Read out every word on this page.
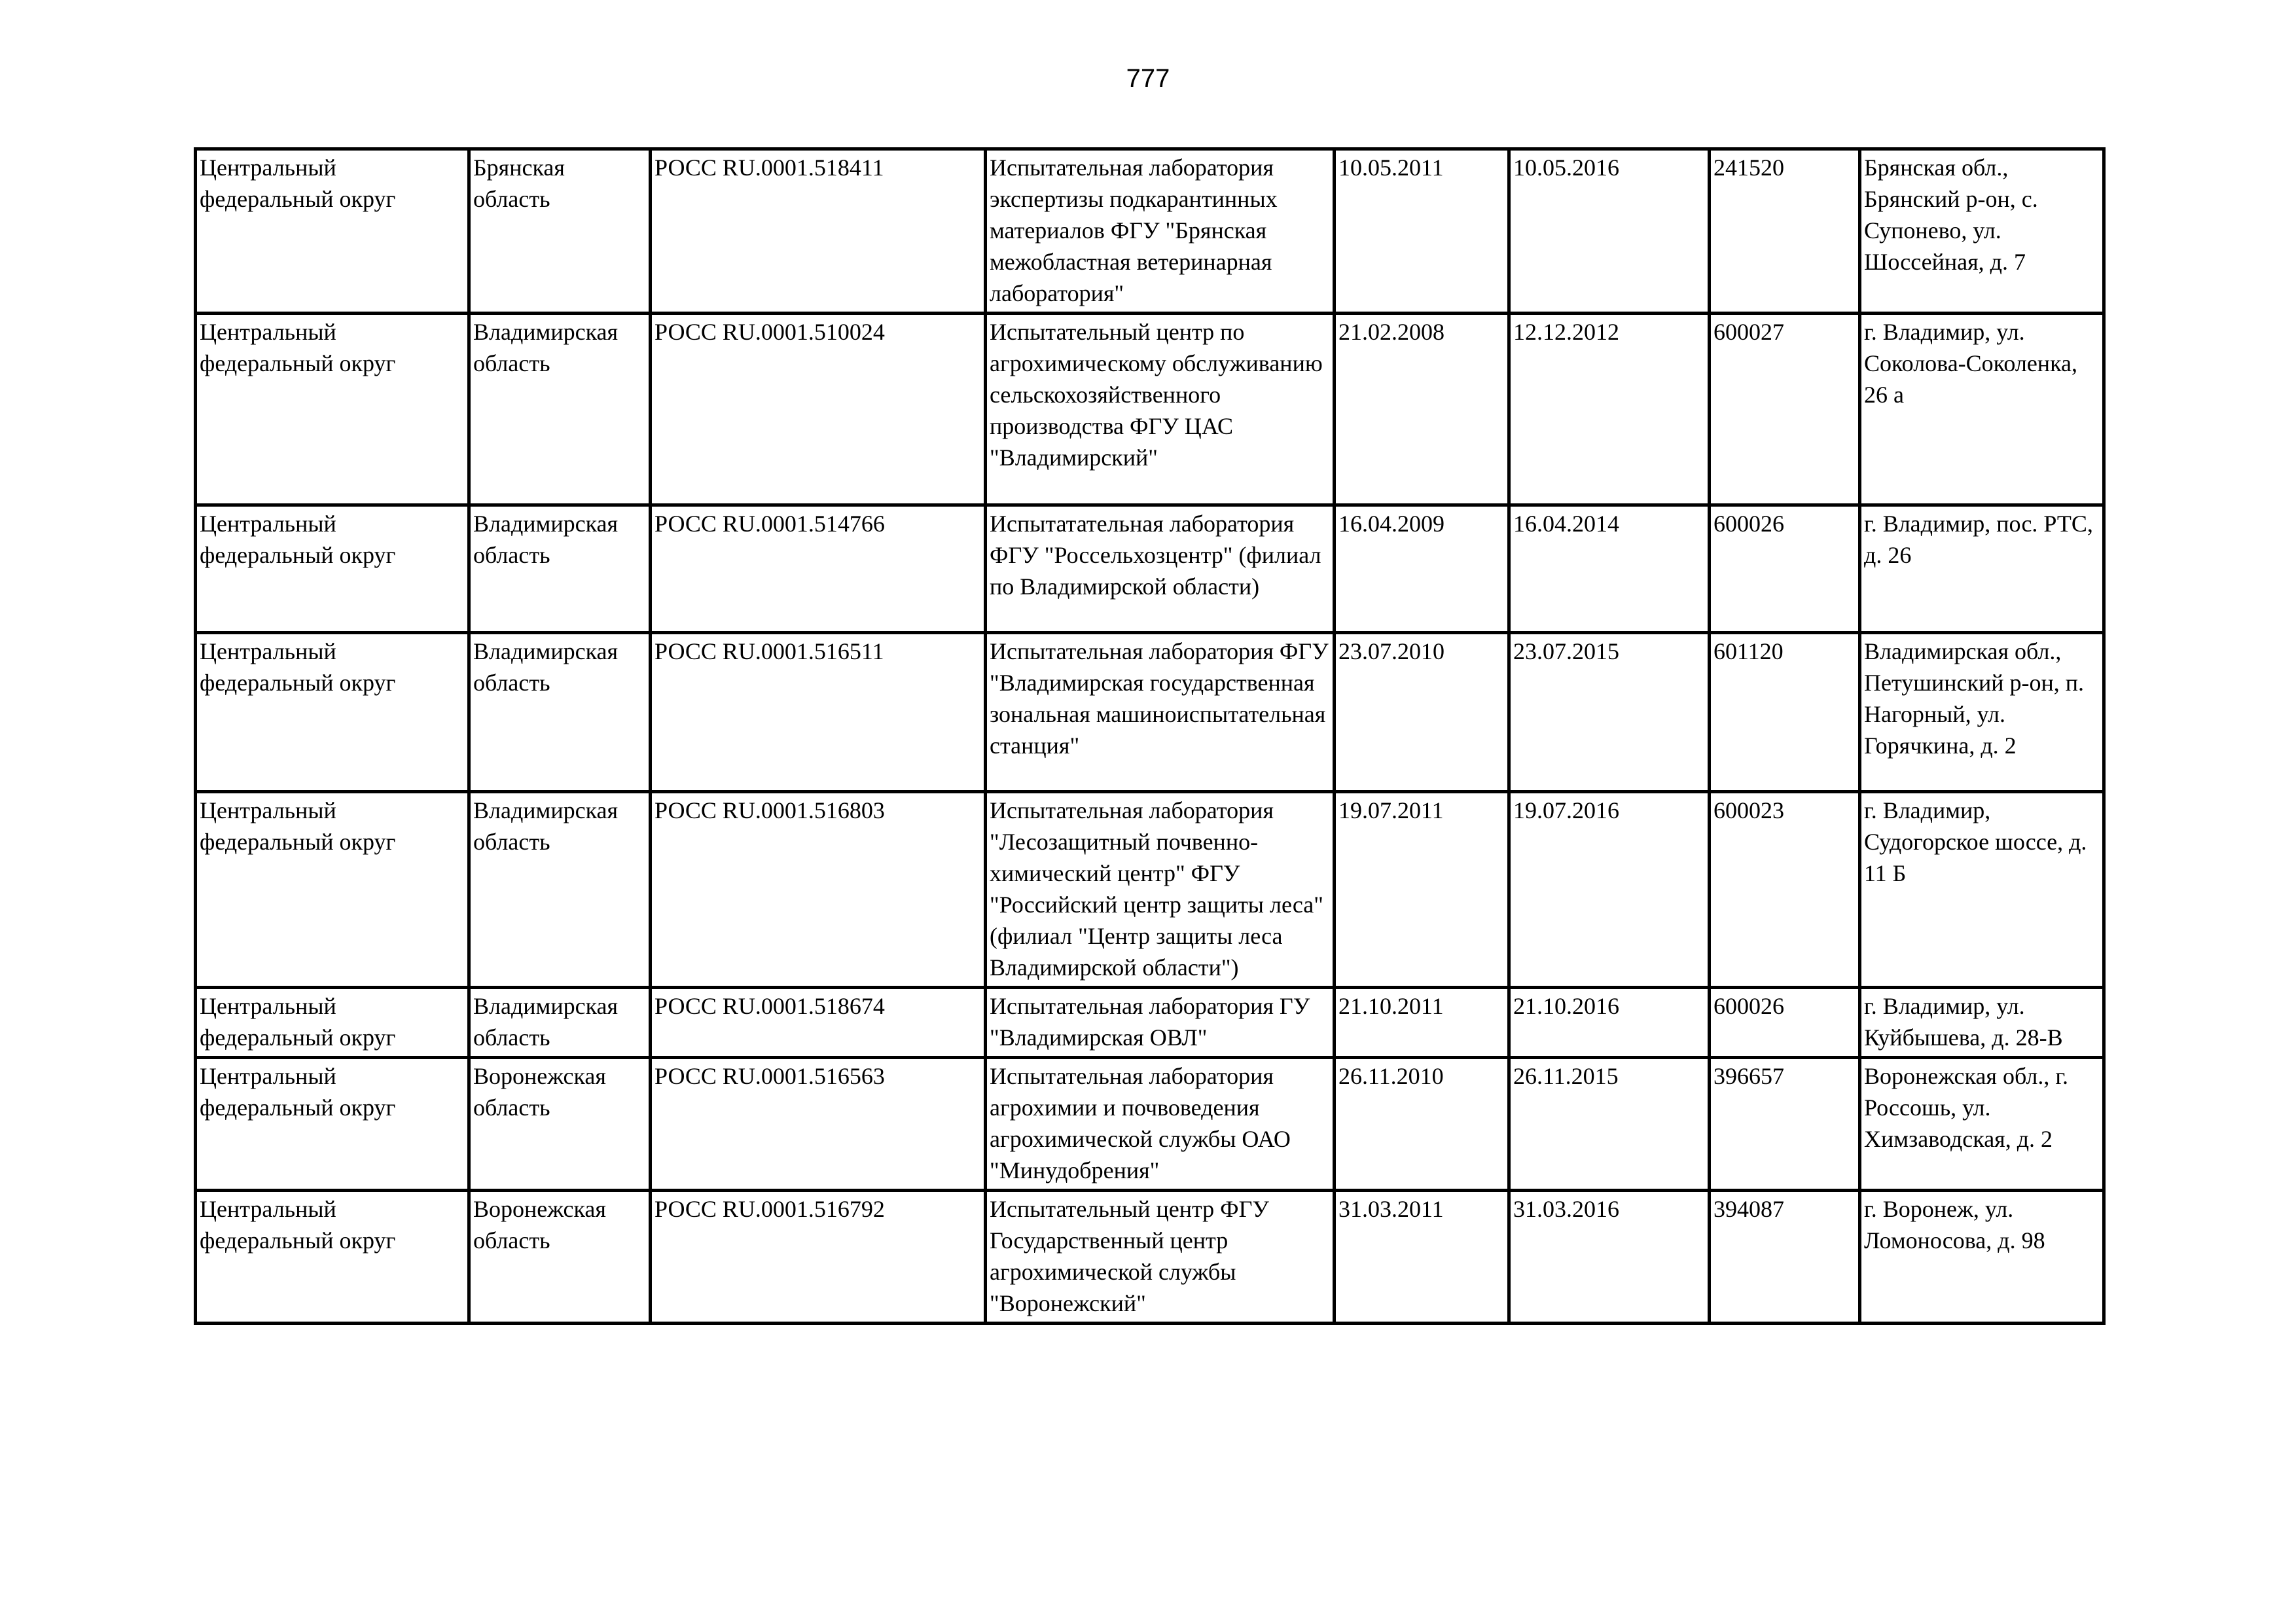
777
Центральный федеральный округ	Брянская область	РОСС RU.0001.518411	Испытательная лаборатория экспертизы подкарантинных материалов ФГУ "Брянская межобластная ветеринарная лаборатория"	10.05.2011	10.05.2016	241520	Брянская обл., Брянский р-он, с. Супонево, ул. Шоссейная, д. 7
Центральный федеральный округ	Владимирская область	РОСС RU.0001.510024	Испытательный центр по агрохимическому обслуживанию сельскохозяйственного производства ФГУ ЦАС "Владимирский"	21.02.2008	12.12.2012	600027	г. Владимир, ул. Соколова-Соколенка, 26 а
Центральный федеральный округ	Владимирская область	РОСС RU.0001.514766	Испытатательная лаборатория ФГУ "Россельхозцентр" (филиал по Владимирской области)	16.04.2009	16.04.2014	600026	г. Владимир, пос. РТС, д. 26
Центральный федеральный округ	Владимирская область	РОСС RU.0001.516511	Испытательная лаборатория ФГУ "Владимирская государственная зональная машиноиспытательная станция"	23.07.2010	23.07.2015	601120	Владимирская обл., Петушинский р-он, п. Нагорный, ул. Горячкина, д. 2
Центральный федеральный округ	Владимирская область	РОСС RU.0001.516803	Испытательная лаборатория "Лесозащитный почвенно-химический центр" ФГУ "Российский центр защиты леса" (филиал "Центр защиты леса Владимирской области")	19.07.2011	19.07.2016	600023	г. Владимир, Судогорское шоссе, д. 11 Б
Центральный федеральный округ	Владимирская область	РОСС RU.0001.518674	Испытательная лаборатория ГУ "Владимирская ОВЛ"	21.10.2011	21.10.2016	600026	г. Владимир, ул. Куйбышева, д. 28-В
Центральный федеральный округ	Воронежская область	РОСС RU.0001.516563	Испытательная лаборатория агрохимии и почвоведения агрохимической службы ОАО "Минудобрения"	26.11.2010	26.11.2015	396657	Воронежская обл., г. Россошь, ул. Химзаводская, д. 2
Центральный федеральный округ	Воронежская область	РОСС RU.0001.516792	Испытательный центр ФГУ Государственный центр агрохимической службы "Воронежский"	31.03.2011	31.03.2016	394087	г. Воронеж, ул. Ломоносова, д. 98
